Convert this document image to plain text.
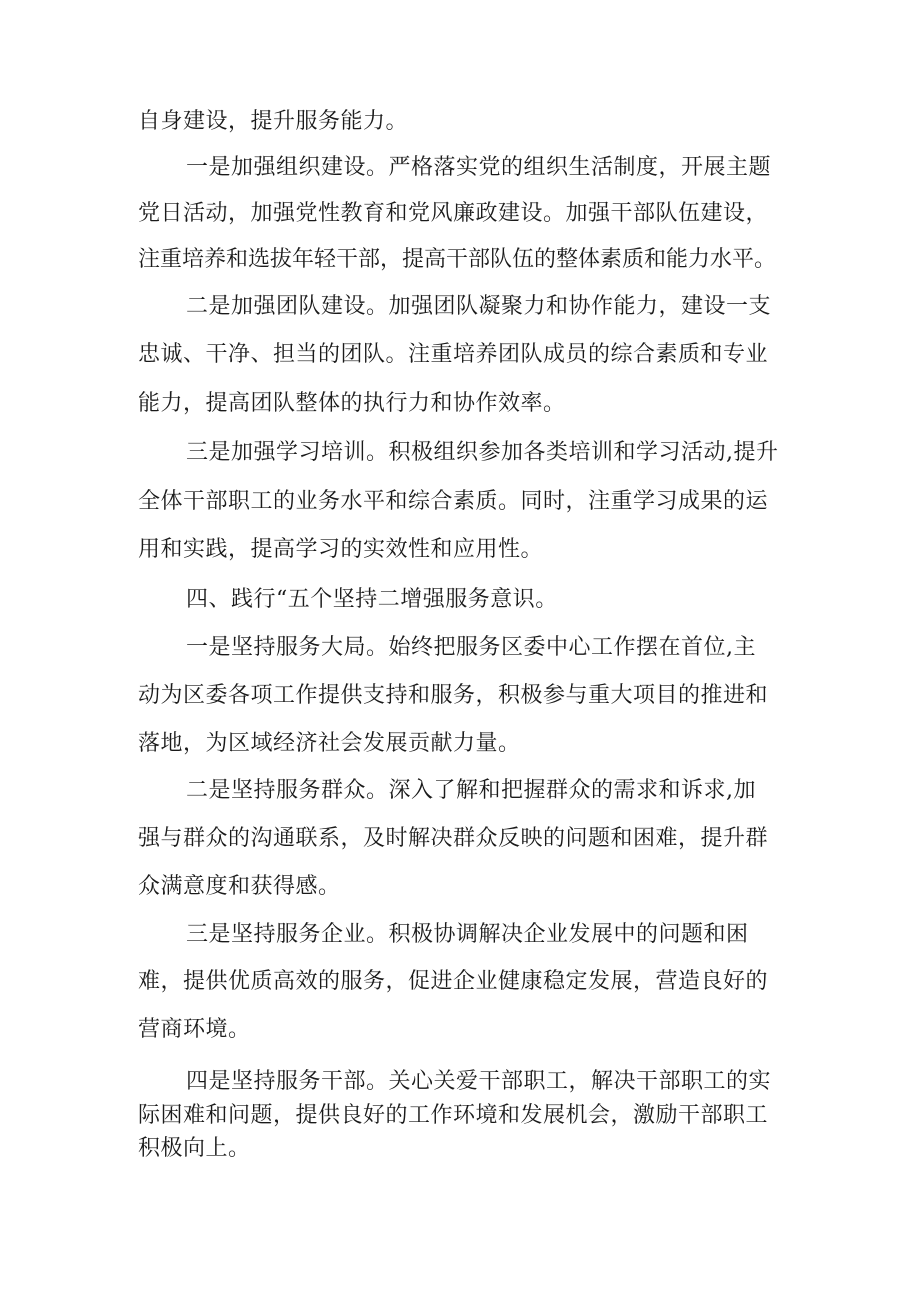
自身建设，提升服务能力。
一是加强组织建设。严格落实党的组织生活制度，开展主题
党日活动，加强党性教育和党风廉政建设。加强干部队伍建设，
注重培养和选拔年轻干部，提高干部队伍的整体素质和能力水平。
二是加强团队建设。加强团队凝聚力和协作能力，建设一支
忠诚、干净、担当的团队。注重培养团队成员的综合素质和专业
能力，提高团队整体的执行力和协作效率。
三是加强学习培训。积极组织参加各类培训和学习活动,提升
全体干部职工的业务水平和综合素质。同时，注重学习成果的运
用和实践，提高学习的实效性和应用性。
四、践行“五个坚持二增强服务意识。
一是坚持服务大局。始终把服务区委中心工作摆在首位,主
动为区委各项工作提供支持和服务，积极参与重大项目的推进和
落地，为区域经济社会发展贡献力量。
二是坚持服务群众。深入了解和把握群众的需求和诉求,加
强与群众的沟通联系，及时解决群众反映的问题和困难，提升群
众满意度和获得感。
三是坚持服务企业。积极协调解决企业发展中的问题和困
难，提供优质高效的服务，促进企业健康稳定发展，营造良好的
营商环境。
四是坚持服务干部。关心关爱干部职工，解决干部职工的实
际困难和问题，提供良好的工作环境和发展机会，激励干部职工
积极向上。
